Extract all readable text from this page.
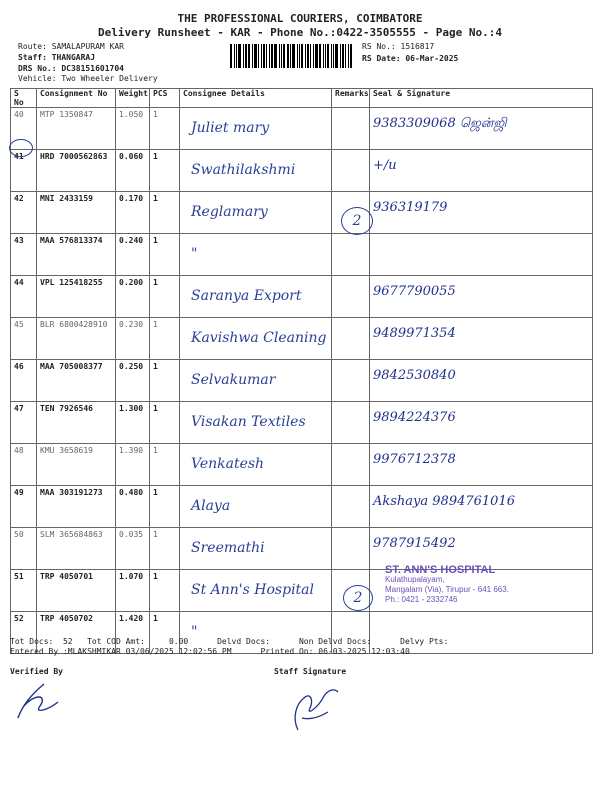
THE PROFESSIONAL COURIERS, COIMBATORE
Delivery Runsheet - KAR - Phone No.:0422-3505555 - Page No.:4
Route: SAMALAPURAM KAR
Staff: THANGARAJ
DRS No.: DC38151601704
Vehicle: Two Wheeler Delivery
RS No.: 1516817
RS Date: 06-Mar-2025
S No	Consignment No	Weight	PCS	Consignee Details	Remarks	Seal & Signature
40	MTP 1350847	1.050	1	Juliet mary		9383309068 ஜென்ஜி

41	HRD 7000562863	0.060	1	Swathilakshmi		+/u

42	MNI 2433159	0.170	1	Reglamary		936319179

43	MAA 576813374	0.240	1	"		

44	VPL 125418255	0.200	1	Saranya Export		9677790055

45	BLR 6800428910	0.230	1	Kavishwa Cleaning		9489971354

46	MAA 705008377	0.250	1	Selvakumar		9842530840

47	TEN 7926546	1.300	1	Visakan Textiles		9894224376

48	KMU 3658619	1.390	1	Venkatesh		9976712378

49	MAA 303191273	0.480	1	Alaya		Akshaya 9894761016

50	SLM 365684863	0.035	1	Sreemathi		9787915492

51	TRP 4050701	1.070	1	St Ann's Hospital		

52	TRP 4050702	1.420	1	"		

2
2
ST. ANN'S HOSPITAL
Kulathupalayam,
Mangalam (Via), Tirupur - 641 663.
Ph.: 0421 - 2332746
Tot Docs:  52   Tot COD Amt:     0.00      Delvd Docs:      Non Delvd Docs:      Delvy Pts:
Entered By :MLAKSHMIKAR 03/06/2025 12:02:56 PM      Printed On: 06-03-2025 12:03:40
Verified By	Staff Signature
